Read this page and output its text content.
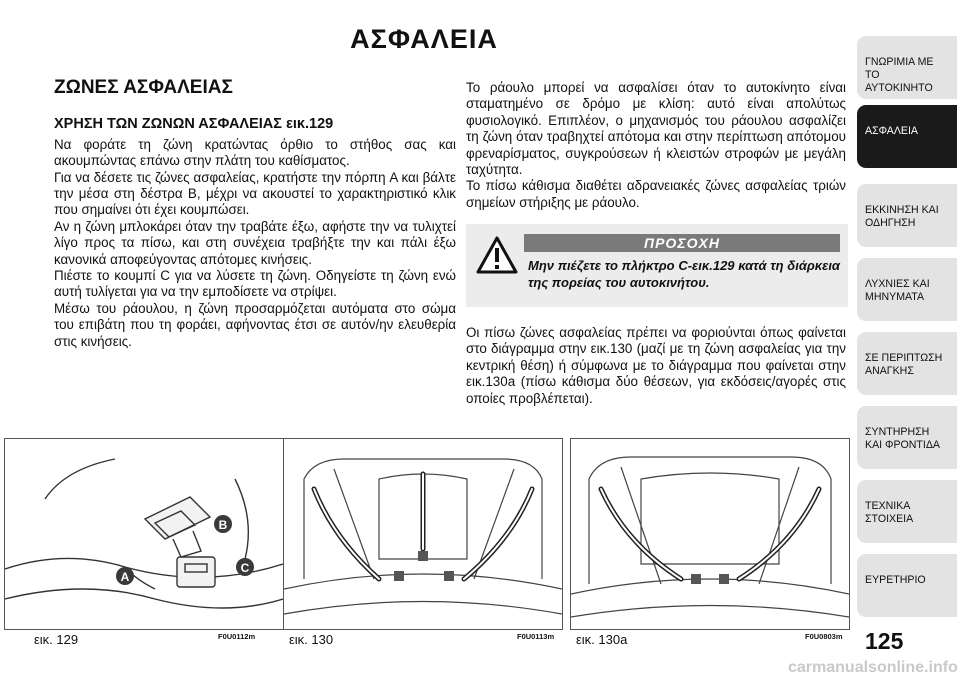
ΑΣΦΑΛΕΙΑ
ΖΩΝΕΣ ΑΣΦΑΛΕΙΑΣ
ΧΡΗΣΗ ΤΩΝ ΖΩΝΩΝ ΑΣΦΑΛΕΙΑΣ εικ.129

Να φοράτε τη ζώνη κρατώντας όρθιο το στήθος σας και ακουμπώντας επάνω στην πλάτη του καθίσματος.

Για να δέσετε τις ζώνες ασφαλείας, κρατήστε την πόρπη A και βάλτε την μέσα στη δέστρα B, μέχρι να ακουστεί το χαρακτηριστικό κλικ που σημαίνει ότι έχει κουμπώσει.

Αν η ζώνη μπλοκάρει όταν την τραβάτε έξω, αφήστε την να τυλιχτεί λίγο προς τα πίσω, και στη συνέχεια τραβήξτε την και πάλι έξω κανονικά αποφεύγοντας απότομες κινήσεις.

Πιέστε το κουμπί C για να λύσετε τη ζώνη. Οδηγείστε τη ζώνη ενώ αυτή τυλίγεται για να την εμποδίσετε να στρίψει.

Μέσω του ράουλου, η ζώνη προσαρμόζεται αυτόματα στο σώμα του επιβάτη που τη φοράει, αφήνοντας έτσι σε αυτόν/ην ελευθερία στις κινήσεις.

Το ράουλο μπορεί να ασφαλίσει όταν το αυτοκίνητο είναι σταματημένο σε δρόμο με κλίση: αυτό είναι απολύτως φυσιολογικό. Επιπλέον, ο μηχανισμός του ράουλου ασφαλίζει τη ζώνη όταν τραβηχτεί απότομα και στην περίπτωση απότομου φρεναρίσματος, συγκρούσεων ή κλειστών στροφών με μεγάλη ταχύτητα.

Το πίσω κάθισμα διαθέτει αδρανειακές ζώνες ασφαλείας τριών σημείων στήριξης με ράουλο.

ΠΡΟΣΟΧΗ
Μην πιέζετε το πλήκτρο C-εικ.129 κατά τη διάρκεια της πορείας του αυτοκινήτου.
Οι πίσω ζώνες ασφαλείας πρέπει να φοριούνται όπως φαίνεται στο διάγραμμα στην εικ.130 (μαζί με τη ζώνη ασφαλείας για την κεντρική θέση) ή σύμφωνα με το διάγραμμα που φαίνεται στην εικ.130a (πίσω κάθισμα δύο θέσεων, για εκδόσεις/αγορές στις οποίες προβλέπεται).
B
A
C
εικ. 129	F0U0112m	εικ. 130	F0U0113m εικ. 130a	F0U0803m
ΓΝΩΡΙΜΙΑ ΜΕ ΤΟ ΑΥΤΟΚΙΝΗΤΟ
ΑΣΦΑΛΕΙΑ
ΕΚΚΙΝΗΣΗ ΚΑΙ ΟΔΗΓΗΣΗ
ΛΥΧΝΙΕΣ ΚΑΙ ΜΗΝΥΜΑΤΑ
ΣΕ ΠΕΡΙΠΤΩΣΗ ΑΝΑΓΚΗΣ
ΣΥΝΤΗΡΗΣΗ ΚΑΙ ΦΡΟΝΤΙΔΑ
ΤΕΧΝΙΚΑ ΣΤΟΙΧΕΙΑ
ΕΥΡΕΤΗΡΙΟ
125
carmanualsonline.info
